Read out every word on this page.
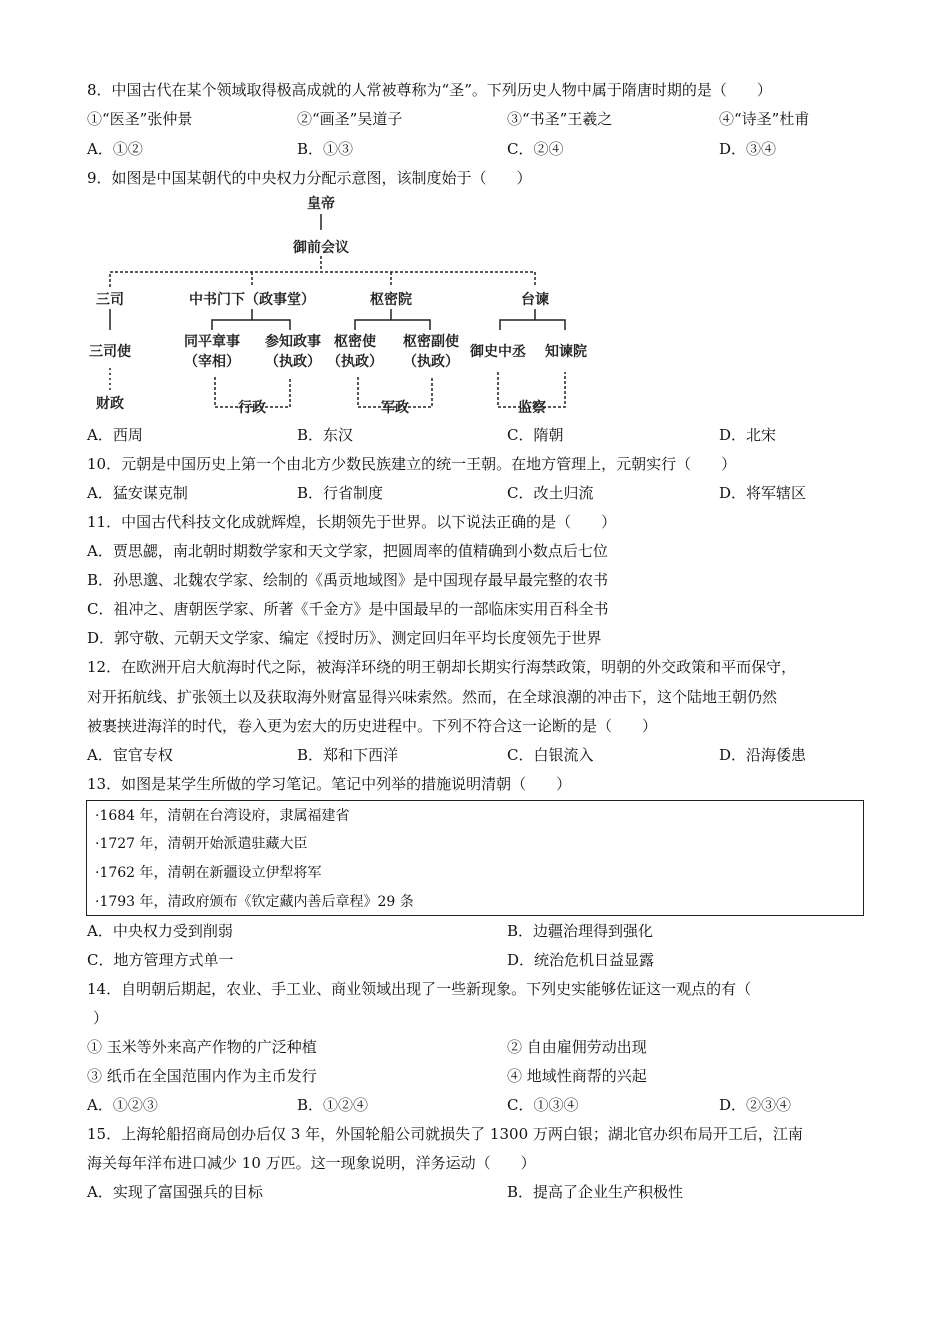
8．中国古代在某个领域取得极高成就的人常被尊称为“圣”。下列历史人物中属于隋唐时期的是（　　）
①“医圣”张仲景	②“画圣”吴道子	③“书圣”王羲之	④“诗圣”杜甫
A．①②	B．①③	C．②④	D．③④
9．如图是中国某朝代的中央权力分配示意图，该制度始于（　　）
皇帝
御前会议
三司
三司使
财政
中书门下（政事堂）
同平章事
（宰相）
参知政事
（执政）
行政
枢密院
枢密使
（执政）
枢密副使
（执政）
军政
台谏
御史中丞 知谏院
监察
A．西周	B．东汉	C．隋朝	D．北宋
10．元朝是中国历史上第一个由北方少数民族建立的统一王朝。在地方管理上，元朝实行（　　）
A．猛安谋克制	B．行省制度	C．改土归流	D．将军辖区
11．中国古代科技文化成就辉煌，长期领先于世界。以下说法正确的是（　　）
A．贾思勰，南北朝时期数学家和天文学家，把圆周率的值精确到小数点后七位
B．孙思邈、北魏农学家、绘制的《禹贡地域图》是中国现存最早最完整的农书
C．祖冲之、唐朝医学家、所著《千金方》是中国最早的一部临床实用百科全书
D．郭守敬、元朝天文学家、编定《授时历》、测定回归年平均长度领先于世界
12．在欧洲开启大航海时代之际，被海洋环绕的明王朝却长期实行海禁政策，明朝的外交政策和平而保守，
对开拓航线、扩张领土以及获取海外财富显得兴味索然。然而，在全球浪潮的冲击下，这个陆地王朝仍然
被裹挟进海洋的时代，卷入更为宏大的历史进程中。下列不符合这一论断的是（　　）
A．宦官专权	B．郑和下西洋	C．白银流入	D．沿海倭患
13．如图是某学生所做的学习笔记。笔记中列举的措施说明清朝（　　）
·1684 年，清朝在台湾设府，隶属福建省
·1727 年，清朝开始派遣驻藏大臣
·1762 年，清朝在新疆设立伊犁将军
·1793 年，清政府颁布《钦定藏内善后章程》29 条
A．中央权力受到削弱	B．边疆治理得到强化
C．地方管理方式单一	D．统治危机日益显露
14．自明朝后期起，农业、手工业、商业领域出现了一些新现象。下列史实能够佐证这一观点的有（
）
① 玉米等外来高产作物的广泛种植	② 自由雇佣劳动出现
③ 纸币在全国范围内作为主币发行	④ 地域性商帮的兴起
A．①②③	B．①②④	C．①③④	D．②③④
15．上海轮船招商局创办后仅 3 年，外国轮船公司就损失了 1300 万两白银；湖北官办织布局开工后，江南
海关每年洋布进口减少 10 万匹。这一现象说明，洋务运动（　　）
A．实现了富国强兵的目标	B．提高了企业生产积极性
